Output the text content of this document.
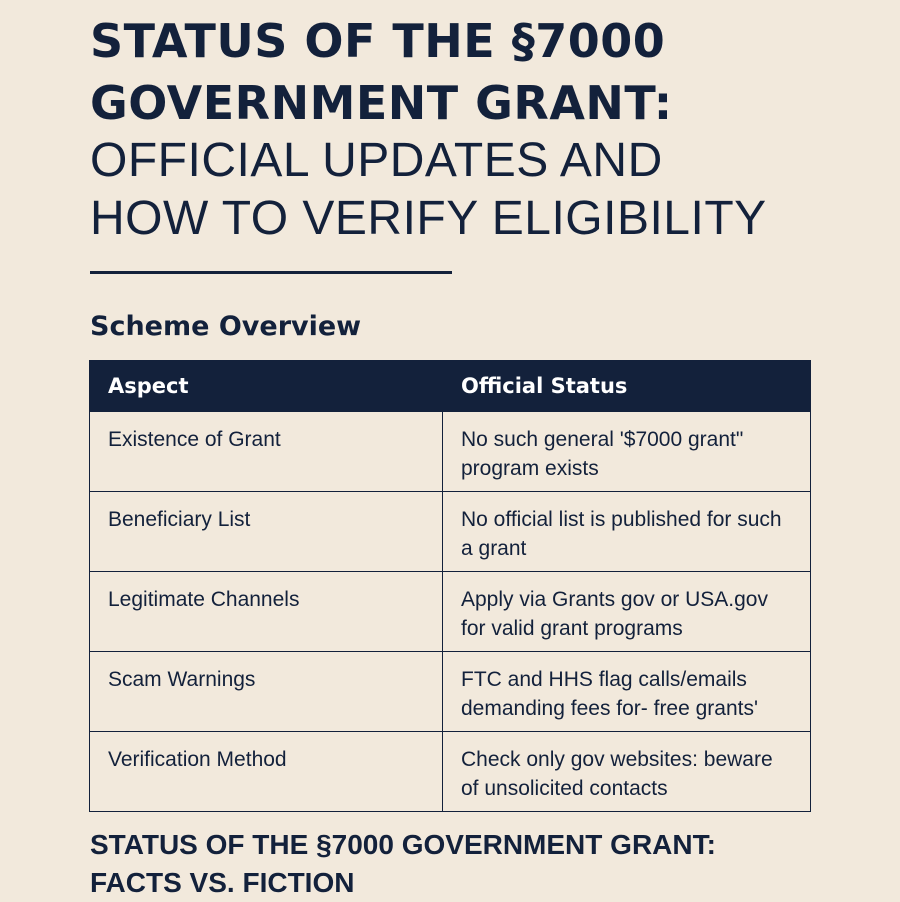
STATUS OF THE §7000
GOVERNMENT GRANT:
OFFICIAL UPDATES AND
HOW TO VERIFY ELIGIBILITY
Scheme Overview
Aspect	Official Status
Existence of Grant	No such general '$7000 grant" program exists
Beneficiary List	No official list is published for such a grant
Legitimate Channels	Apply via Grants gov or USA.gov for valid grant programs
Scam Warnings	FTC and HHS flag calls/emails demanding fees for- free grants'
Verification Method	Check only gov websites: beware of unsolicited contacts
STATUS OF THE §7000 GOVERNMENT GRANT:
FACTS VS. FICTION
